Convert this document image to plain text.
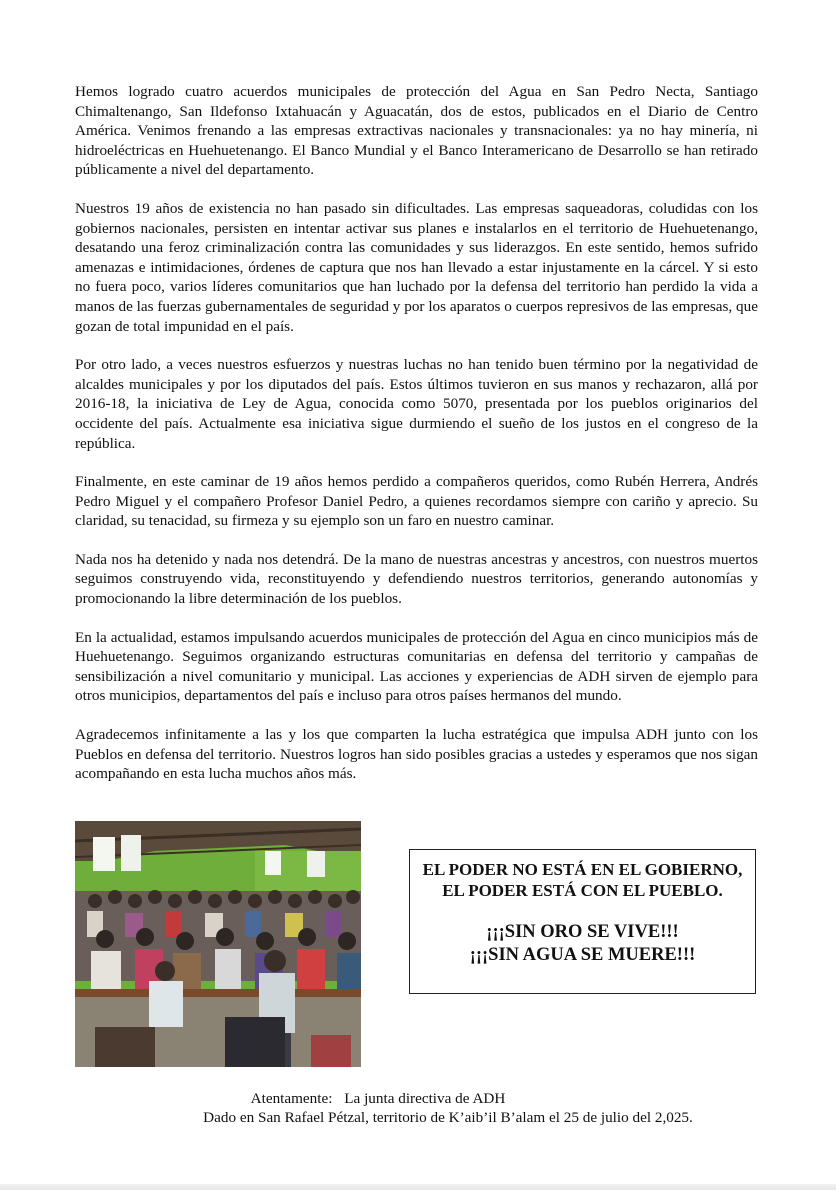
Hemos logrado cuatro acuerdos municipales de protección del Agua en San Pedro Necta, Santiago Chimaltenango, San Ildefonso Ixtahuacán y Aguacatán, dos de estos, publicados en el Diario de Centro América. Venimos frenando a las empresas extractivas nacionales y transnacionales: ya no hay minería, ni hidroeléctricas en Huehuetenango. El Banco Mundial y el Banco Interamericano de Desarrollo se han retirado públicamente a nivel del departamento.

Nuestros 19 años de existencia no han pasado sin dificultades. Las empresas saqueadoras, coludidas con los gobiernos nacionales, persisten en intentar activar sus planes e instalarlos en el territorio de Huehuetenango, desatando una feroz criminalización contra las comunidades y sus liderazgos. En este sentido, hemos sufrido amenazas e intimidaciones, órdenes de captura que nos han llevado a estar injustamente en la cárcel. Y si esto no fuera poco, varios líderes comunitarios que han luchado por la defensa del territorio han perdido la vida a manos de las fuerzas gubernamentales de seguridad y por los aparatos o cuerpos represivos de las empresas, que gozan de total impunidad en el país.

Por otro lado, a veces nuestros esfuerzos y nuestras luchas no han tenido buen término por la negatividad de alcaldes municipales y por los diputados del país. Estos últimos tuvieron en sus manos y rechazaron, allá por 2016-18, la iniciativa de Ley de Agua, conocida como 5070, presentada por los pueblos originarios del occidente del país. Actualmente esa iniciativa sigue durmiendo el sueño de los justos en el congreso de la república.

Finalmente, en este caminar de 19 años hemos perdido a compañeros queridos, como Rubén Herrera, Andrés Pedro Miguel y el compañero Profesor Daniel Pedro, a quienes recordamos siempre con cariño y aprecio. Su claridad, su tenacidad, su firmeza y su ejemplo son un faro en nuestro caminar.

Nada nos ha detenido y nada nos detendrá. De la mano de nuestras ancestras y ancestros, con nuestros muertos seguimos construyendo vida, reconstituyendo y defendiendo nuestros territorios, generando autonomías y promocionando la libre determinación de los pueblos.

En la actualidad, estamos impulsando acuerdos municipales de protección del Agua en cinco municipios más de Huehuetenango. Seguimos organizando estructuras comunitarias en defensa del territorio y campañas de sensibilización a nivel comunitario y municipal. Las acciones y experiencias de ADH sirven de ejemplo para otros municipios, departamentos del país e incluso para otros países hermanos del mundo.

Agradecemos infinitamente a las y los que comparten la lucha estratégica que impulsa ADH junto con los Pueblos en defensa del territorio. Nuestros logros han sido posibles gracias a ustedes y esperamos que nos sigan acompañando en esta lucha muchos años más.

EL PODER NO ESTÁ EN EL GOBIERNO, EL PODER ESTÁ CON EL PUEBLO.

¡¡¡SIN ORO SE VIVE!!!

¡¡¡SIN AGUA SE MUERE!!!

Atentamente: La junta directiva de ADH
Dado en San Rafael Pétzal, territorio de K’aib’il B’alam el 25 de julio del 2,025.
